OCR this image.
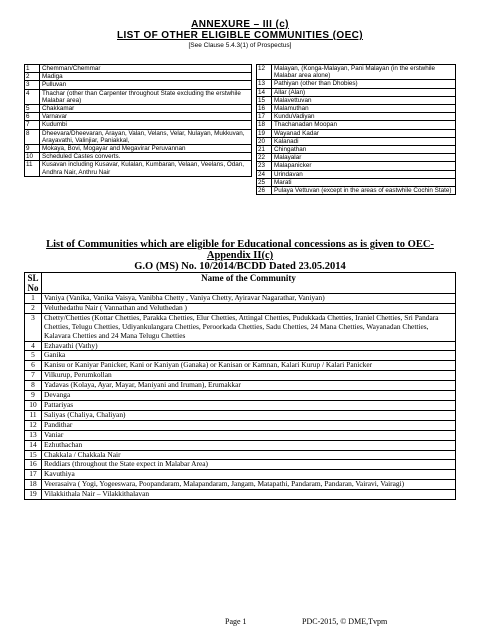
ANNEXURE – III (c)
LIST OF OTHER ELIGIBLE COMMUNITIES (OEC)
[See Clause 5.4.3(1) of Prospectus]
1	Chemman/Chemmar
2	Madiga
3	Pulluvan
4	Thachar (other than Carpenter throughout State excluding the erstwhile Malabar area)
5	Chakkamar
6	Varnavar
7	Kudumbi
8	Dheevara/Dheevaran, Arayan, Valan, Velans, Velar, Nulayan, Mukkuvan, Arayavathi, Valinjiar, Paniakkal,
9	Mokaya, Bovi, Mogayar and Megavirar Peruvannan
10	Scheduled Castes converts.
11	Kusavan including Kusavar, Kulalan, Kumbaran, Velaan, Veelans, Odan, Andhra Nair, Anthru Nair
12	Malayan, (Konga-Malayan, Pani Malayan (in the erstwhile Malabar area alone)
13	Pathiyan (other than Dhobies)
14	Allar (Alan)
15	Malavettuvan
16	Malamuthan
17	KunduVadiyan
18	Thachanadan Moopan
19	Wayanad Kadar
20	Kalanadi
21	Chingathan
22	Malayalar
23	Malapanicker
24	Urindavan
25	Marati
26	Pulaya Vettuvan (except in the areas of eastwhile Cochin State)
List of Communities which are eligible for Educational concessions as is given to OEC-
Appendix II(c)
G.O (MS) No. 10/2014/BCDD Dated 23.05.2014
SL No	Name of the Community
1	Vaniya (Vanika, Vanika Vaisya, Vanibha Chetty , Vaniya Chetty, Ayiravar Nagarathar, Vaniyan)
2	Veluthedathu Nair ( Vannathan and Veluthedan )
3	Chetty/Chetties (Kottar Chetties, Parakka Chetties, Elur Chetties, Attingal Chetties, Pudukkada Chetties, Iraniel Chetties, Sri Pandara Chetties, Telugu Chetties, Udiyankulangara Chetties, Peroorkada Chetties, Sadu Chetties, 24 Mana Chetties, Wayanadan Chetties, Kalavara Chetties and 24 Mana Telugu Chetties
4	Ezhavathi (Vathy)
5	Ganika
6	Kanisu or Kaniyar Panicker, Kani or Kaniyan (Ganaka) or Kanisan or Kamnan, Kalari Kurup / Kalari Panicker
7	Vilkurup, Perumkollan
8	Yadavas (Kolaya, Ayar, Mayar, Maniyani and Iruman), Erumakkar
9	Devanga
10	Pattariyas
11	Saliyas (Chaliya, Chaliyan)
12	Pandithar
13	Vaniar
14	Ezhuthachan
15	Chakkala / Chakkala Nair
16	Reddiars (throughout the State expect in Malabar Area)
17	Kavuthiya
18	Veerasaiva ( Yogi, Yogeeswara, Poopandaram, Malapandaram, Jangam, Matapathi, Pandaram, Pandaran, Vairavi, Vairagi)
19	Vilakkithala Nair – Vilakkithalavan
Page 1	PDC-2015, © DME,Tvpm
